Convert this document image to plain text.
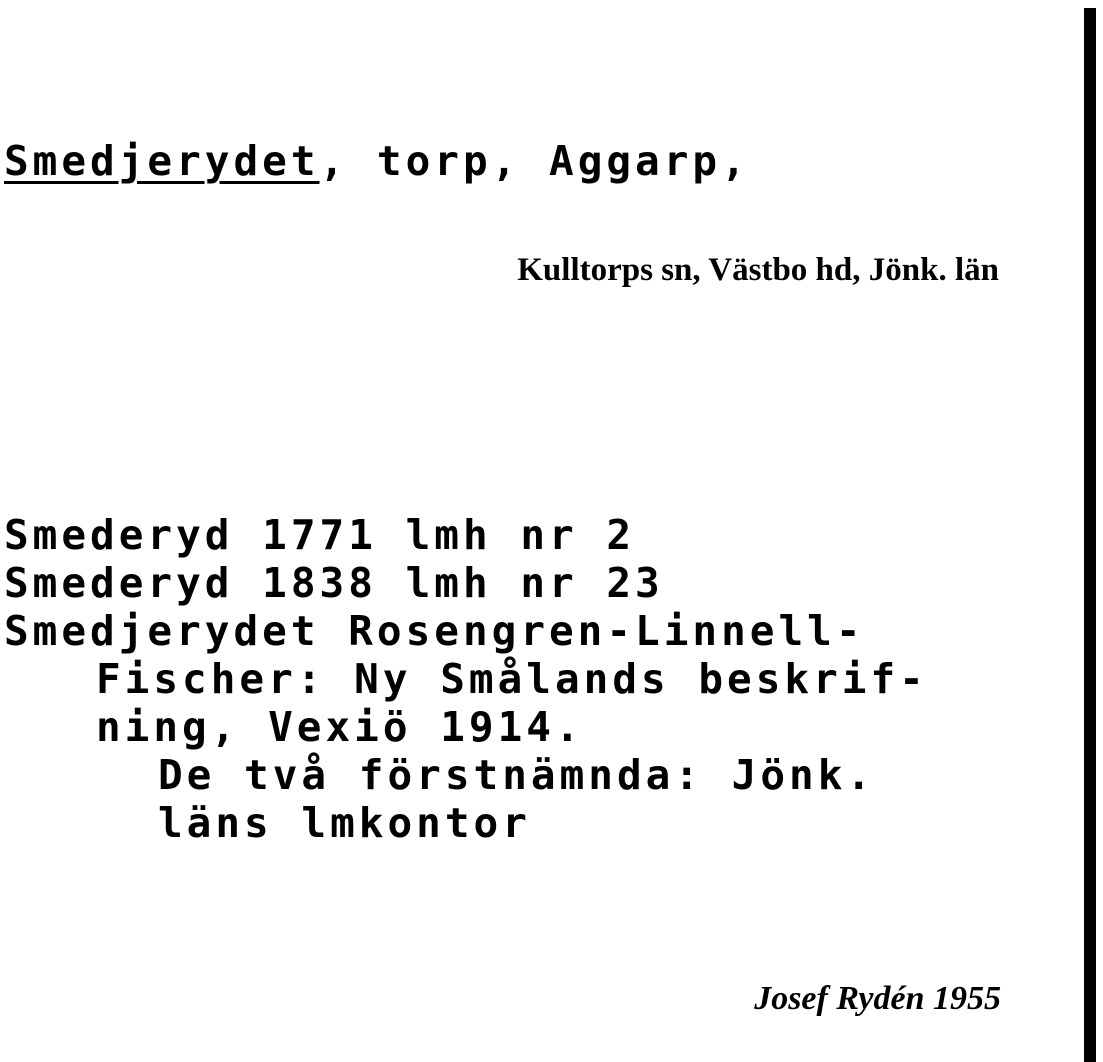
Smedjerydet, torp, Aggarp,
Kulltorps sn, Västbo hd, Jönk. län
Smederyd 1771 lmh nr 2
Smederyd 1838 lmh nr 23
Smedjerydet Rosengren-Linnell-
Fischer: Ny Smålands beskrif-
ning, Vexiö 1914.
De två förstnämnda: Jönk.
läns lmkontor
Josef Rydén 1955
